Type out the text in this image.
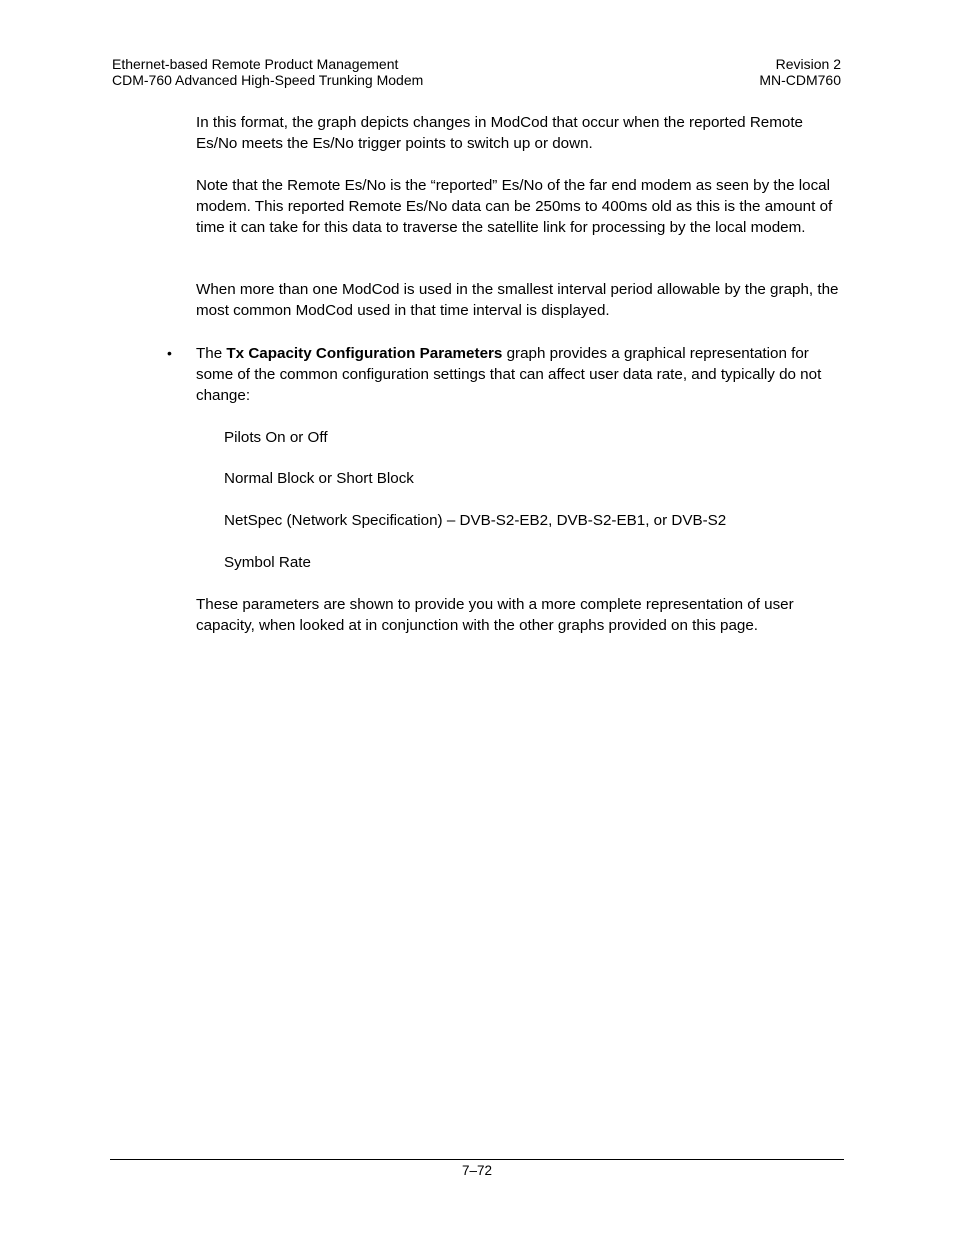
Ethernet-based Remote Product Management
CDM-760 Advanced High-Speed Trunking Modem
Revision 2
MN-CDM760

In this format, the graph depicts changes in ModCod that occur when the reported Remote Es/No meets the Es/No trigger points to switch up or down.

Note that the Remote Es/No is the “reported” Es/No of the far end modem as seen by the local modem. This reported Remote Es/No data can be 250ms to 400ms old as this is the amount of time it can take for this data to traverse the satellite link for processing by the local modem.

When more than one ModCod is used in the smallest interval period allowable by the graph, the most common ModCod used in that time interval is displayed.

• The Tx Capacity Configuration Parameters graph provides a graphical representation for some of the common configuration settings that can affect user data rate, and typically do not change:

Pilots On or Off

Normal Block or Short Block

NetSpec (Network Specification) – DVB-S2-EB2, DVB-S2-EB1, or DVB-S2

Symbol Rate

These parameters are shown to provide you with a more complete representation of user capacity, when looked at in conjunction with the other graphs provided on this page.

7–72
